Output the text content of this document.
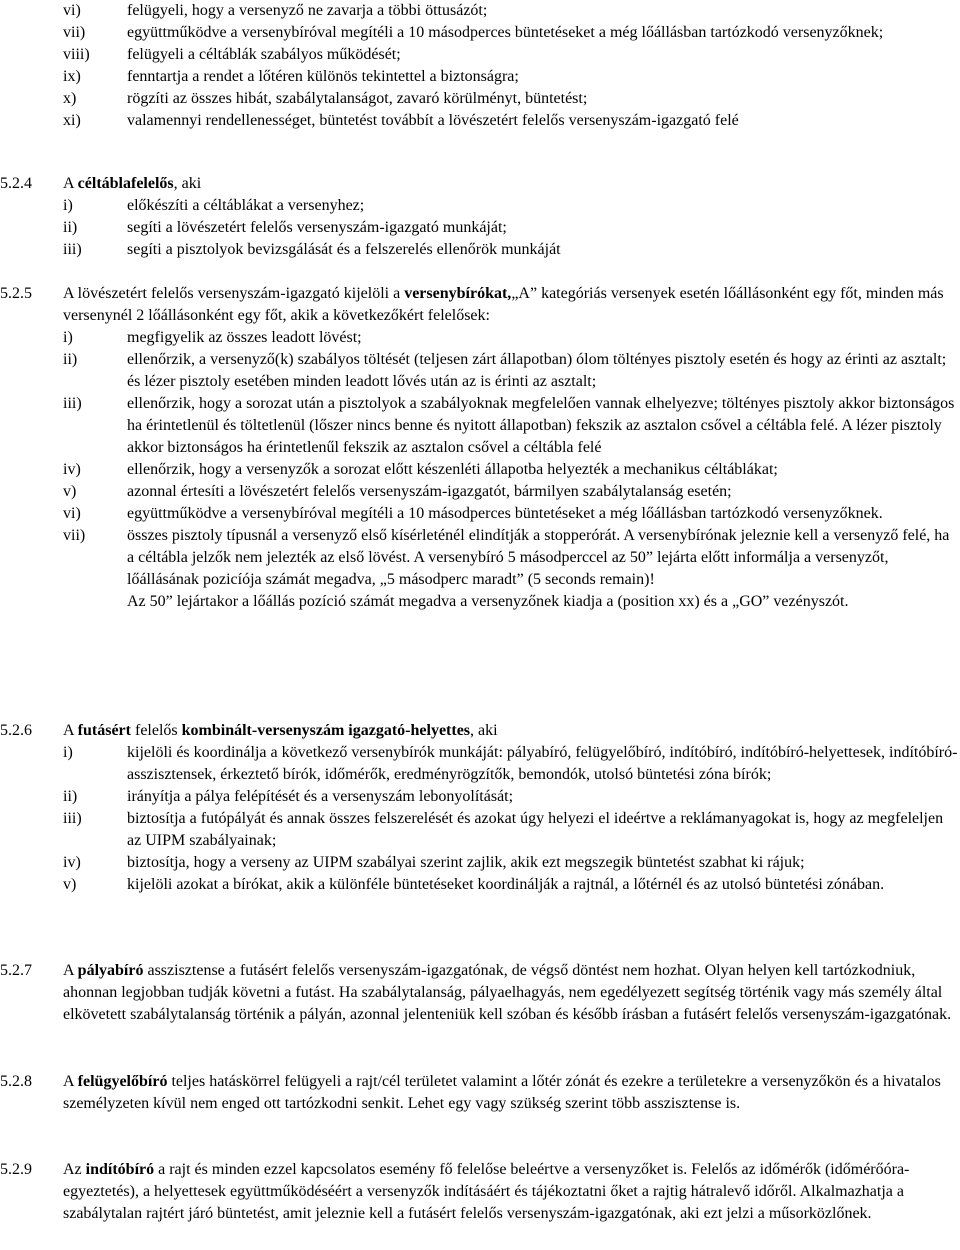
vi)	felügyeli, hogy a versenyző ne zavarja a többi öttusázót;
vii)	együttműködve a versenybíróval megítéli a 10 másodperces büntetéseket a még lőállásban tartózkodó versenyzőknek;
viii) felügyeli a céltáblák szabályos működését;
ix)	fenntartja a rendet a lőtéren különös tekintettel a biztonságra;
x)	rögzíti az összes hibát, szabálytalanságot, zavaró körülményt, büntetést;
xi)	valamennyi rendellenességet, büntetést továbbít a lövészetért felelős versenyszám-igazgató felé
5.2.4 A céltáblafelelős, aki
i)	előkészíti a céltáblákat a versenyhez;
ii)	segíti a lövészetért felelős versenyszám-igazgató munkáját;
iii)	segíti a pisztolyok bevizsgálását és a felszerelés ellenőrök munkáját
5.2.5 A lövészetért felelős versenyszám-igazgató kijelöli a versenybírókat,„A” kategóriás versenyek esetén lőállásonként egy főt, minden más versenynél 2 lőállásonként egy főt, akik a következőkért felelősek:
i)	megfigyelik az összes leadott lövést;
ii)	ellenőrzik, a versenyző(k) szabályos töltését (teljesen zárt állapotban) ólom töltényes pisztoly esetén és hogy az érinti az asztalt; és lézer pisztoly esetében minden leadott lővés után az is érinti az asztalt;
iii)	ellenőrzik, hogy a sorozat után a pisztolyok a szabályoknak megfelelően vannak elhelyezve; töltényes pisztoly akkor biztonságos ha érintetlenül és töltetlenül (lőszer nincs benne és nyitott állapotban) fekszik az asztalon csővel a céltábla felé. A lézer pisztoly akkor biztonságos ha érintetlenűl fekszik az asztalon csővel a céltábla felé
iv)	ellenőrzik, hogy a versenyzők a sorozat előtt készenléti állapotba helyezték a mechanikus céltáblákat;
v)	azonnal értesíti a lövészetért felelős versenyszám-igazgatót, bármilyen szabálytalanság esetén;
vi)	együttműködve a versenybíróval megítéli a 10 másodperces büntetéseket a még lőállásban tartózkodó versenyzőknek.
vii)	összes pisztoly típusnál a versenyző első kísérleténél elindítják a stopperórát. A versenybírónak jeleznie kell a versenyző felé, ha a céltábla jelzők nem jelezték az első lövést. A versenybíró 5 másodperccel az 50” lejárta előtt informálja a versenyzőt, lőállásának pozicíója számát megadva, „5 másodperc maradt” (5 seconds remain)!
Az 50” lejártakor a lőállás pozíció számát megadva a versenyzőnek kiadja a (position xx) és a „GO” vezényszót.
5.2.6 A futásért felelős kombinált-versenyszám igazgató-helyettes, aki
i)	kijelöli és koordinálja a következő versenybírók munkáját: pályabíró, felügyelőbíró, indítóbíró, indítóbíró-helyettesek, indítóbíró-asszisztensek, érkeztető bírók, időmérők, eredményrögzítők, bemondók, utolsó büntetési zóna bírók;
ii)	irányítja a pálya felépítését és a versenyszám lebonyolítását;
iii)	biztosítja a futópályát és annak összes felszerelését és azokat úgy helyezi el ideértve a reklámanyagokat is, hogy az megfeleljen az UIPM szabályainak;
iv)	biztosítja, hogy a verseny az UIPM szabályai szerint zajlik, akik ezt megszegik büntetést szabhat ki rájuk;
v)	kijelöli azokat a bírókat, akik a különféle büntetéseket koordinálják a rajtnál, a lőtérnél és az utolsó büntetési zónában.
5.2.7 A pályabíró asszisztense a futásért felelős versenyszám-igazgatónak, de végső döntést nem hozhat. Olyan helyen kell tartózkodniuk, ahonnan legjobban tudják követni a futást. Ha szabálytalanság, pályaelhagyás, nem egedélyezett segítség történik vagy más személy által elkövetett szabálytalanság történik a pályán, azonnal jelenteniük kell szóban és később írásban a futásért felelős versenyszám-igazgatónak.
5.2.8 A felügyelőbíró teljes hatáskörrel felügyeli a rajt/cél területet valamint a lőtér zónát és ezekre a területekre a versenyzőkön és a hivatalos személyzeten kívül nem enged ott tartózkodni senkit. Lehet egy vagy szükség szerint több asszisztense is.
5.2.9 Az indítóbíró a rajt és minden ezzel kapcsolatos esemény fő felelőse beleértve a versenyzőket is. Felelős az időmérők (időmérőóra-egyeztetés), a helyettesek együttműködéséért a versenyzők indításáért és tájékoztatni őket a rajtig hátralevő időről. Alkalmazhatja a szabálytalan rajtért járó büntetést, amit jeleznie kell a futásért felelős versenyszám-igazgatónak, aki ezt jelzi a műsorközlőnek.
